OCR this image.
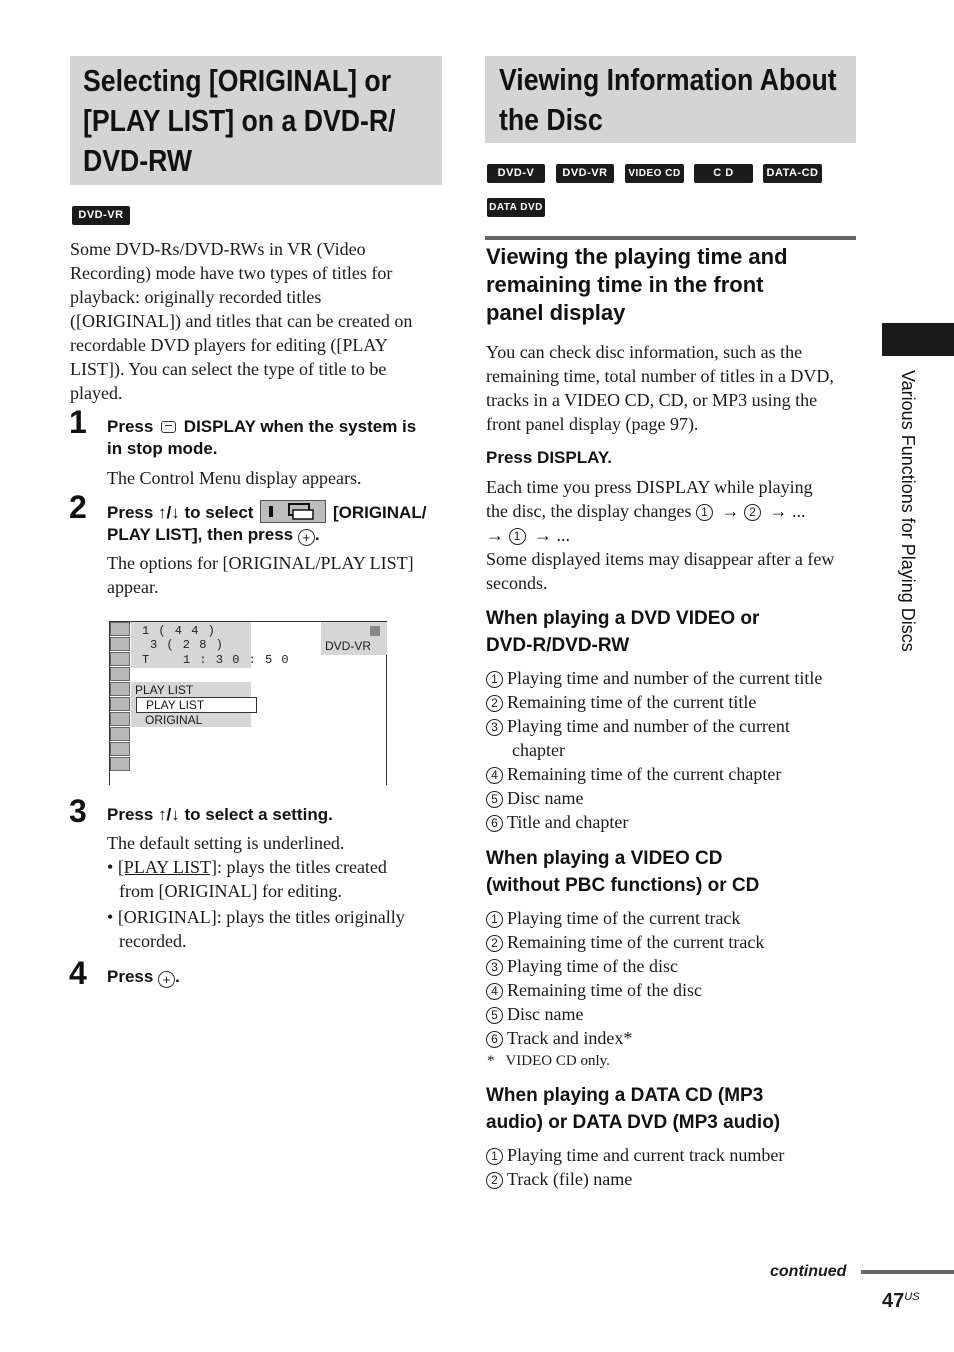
Selecting [ORIGINAL] or
[PLAY LIST] on a DVD-R/
DVD-RW
DVD-VR
Some DVD-Rs/DVD-RWs in VR (Video
Recording) mode have two types of titles for
playback: originally recorded titles
([ORIGINAL]) and titles that can be created on
recordable DVD players for editing ([PLAY
LIST]). You can select the type of title to be
played.
1 Press DISPLAY when the system is
in stop mode.
The Control Menu display appears.
2 Press ↑/↓ to select	[ORIGINAL/
PLAY LIST], then press + .
The options for [ORIGINAL/PLAY LIST]
appear.
1 ( 4 4 )
3 ( 2 8 )
T    1 : 3 0 : 5 0
DVD-VR
PLAY LIST
PLAY LIST
ORIGINAL
3 Press ↑/↓ to select a setting.
The default setting is underlined.
• [PLAY LIST]: plays the titles created
from [ORIGINAL] for editing.
• [ORIGINAL]: plays the titles originally
recorded.
4 Press + .
Viewing Information About
the Disc
DVD-V	DVD-VR	VIDEO CD	C D	DATA-CD
DATA DVD
Viewing the playing time and
remaining time in the front
panel display
You can check disc information, such as the
remaining time, total number of titles in a DVD,
tracks in a VIDEO CD, CD, or MP3 using the
front panel display (page 97).
Press DISPLAY.
Each time you press DISPLAY while playing
the disc, the display changes 1 → 2 → ...
→ 1 → ...
Some displayed items may disappear after a few
seconds.
When playing a DVD VIDEO or
DVD-R/DVD-RW
1 Playing time and number of the current title
2 Remaining time of the current title
3 Playing time and number of the current
chapter
4 Remaining time of the current chapter
5 Disc name
6 Title and chapter
When playing a VIDEO CD
(without PBC functions) or CD
1 Playing time of the current track
2 Remaining time of the current track
3 Playing time of the disc
4 Remaining time of the disc
5 Disc name
6 Track and index*
*   VIDEO CD only.
When playing a DATA CD (MP3
audio) or DATA DVD (MP3 audio)
1 Playing time and current track number
2 Track (file) name
Various Functions for Playing Discs
continued
$47^{US}$
